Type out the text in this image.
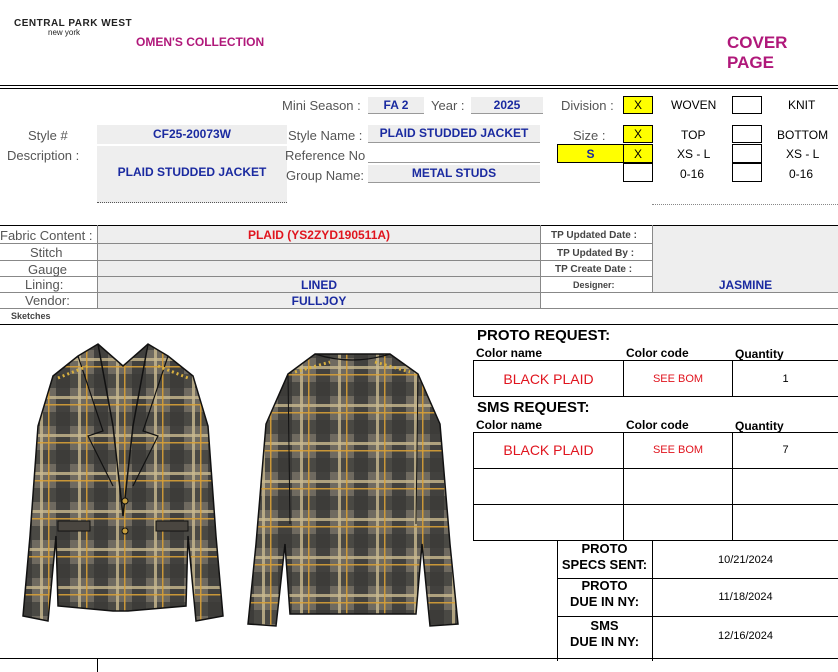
CENTRAL PARK WEST
new york
OMEN'S COLLECTION	COVER PAGE
Mini Season :	FA 2	Year :	2025	Division :	X	WOVEN	KNIT
Style #	CF25-20073W
Description :
PLAID STUDDED JACKET
Style Name :	PLAID STUDDED JACKET
Reference No
Group Name:	METAL STUDS
Size :	X	TOP	BOTTOM
S	X	XS - L	XS - L
0-16	0-16
Fabric Content :	PLAID (YS2ZYD190511A)
Stitch
Gauge
Lining:	LINED
Vendor:	FULLJOY
Sketches
TP Updated Date :
TP Updated By :
TP Create Date :
Designer:	JASMINE
PROTO REQUEST:
Color name	Color code	Quantity
BLACK PLAID	SEE BOM	1
SMS REQUEST:
Color name	Color code	Quantity
BLACK PLAID	SEE BOM	7
PROTO
SPECS SENT:	10/21/2024
PROTO
DUE IN NY:	11/18/2024
SMS
DUE IN NY:	12/16/2024
